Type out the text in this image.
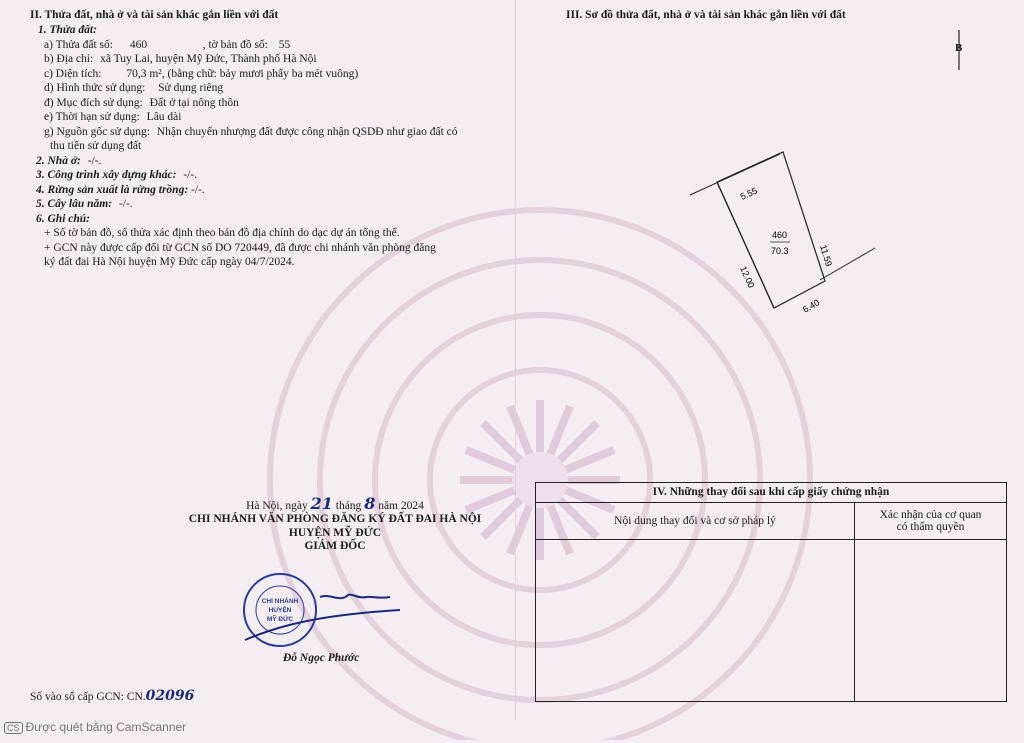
II. Thửa đất, nhà ở và tài sản khác gắn liền với đất
1. Thửa đất:
a) Thửa đất số: 460	, tờ bản đồ số: 55
b) Địa chỉ: xã Tuy Lai, huyện Mỹ Đức, Thành phố Hà Nội
c) Diện tích: 70,3 m², (bằng chữ: bảy mươi phẩy ba mét vuông)
d) Hình thức sử dụng: Sử dụng riêng
đ) Mục đích sử dụng: Đất ở tại nông thôn
e) Thời hạn sử dụng: Lâu dài
g) Nguồn gốc sử dụng: Nhận chuyển nhượng đất được công nhận QSDĐ như giao đất có
thu tiền sử dụng đất
2. Nhà ở: -/-.
3. Công trình xây dựng khác: -/-.
4. Rừng sản xuất là rừng trồng: -/-.
5. Cây lâu năm: -/-.
6. Ghi chú:
+ Số tờ bản đồ, số thửa xác định theo bản đồ địa chính do dạc dự án tổng thể.
+ GCN này được cấp đổi từ GCN số DO 720449, đã được chi nhánh văn phòng đăng
ký đất đai Hà Nội huyện Mỹ Đức cấp ngày 04/7/2024.
III. Sơ đồ thửa đất, nhà ở và tài sản khác gắn liền với đất
B
5.55
12.00
11.59
6.40
460
70.3
Hà Nội, ngày 21 tháng 8 năm 2024
CHI NHÁNH VĂN PHÒNG ĐĂNG KÝ ĐẤT ĐAI HÀ NỘI
HUYỆN MỸ ĐỨC
GIÁM ĐỐC
CHI NHÁNH
HUYỆN
MỸ ĐỨC
Đỗ Ngọc Phước
Số vào sổ cấp GCN: CN.02096
IV. Những thay đổi sau khi cấp giấy chứng nhận	
Nội dung thay đổi và cơ sở pháp lý	Xác nhận của cơ quan
có thẩm quyền

CS Được quét bằng CamScanner
